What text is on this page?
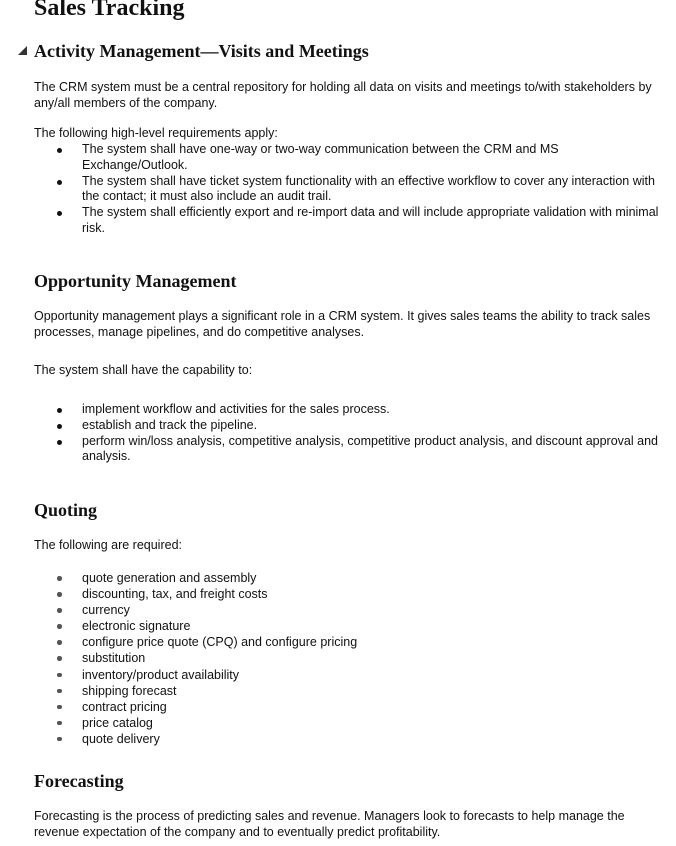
Sales Tracking
Activity Management—Visits and Meetings

The CRM system must be a central repository for holding all data on visits and meetings to/with stakeholders by any/all members of the company.

The following high-level requirements apply:

The system shall have one-way or two-way communication between the CRM and MS Exchange/Outlook.
The system shall have ticket system functionality with an effective workflow to cover any interaction with the contact; it must also include an audit trail.
The system shall efficiently export and re-import data and will include appropriate validation with minimal risk.
Opportunity Management

Opportunity management plays a significant role in a CRM system. It gives sales teams the ability to track sales processes, manage pipelines, and do competitive analyses.

The system shall have the capability to:

implement workflow and activities for the sales process.
establish and track the pipeline.
perform win/loss analysis, competitive analysis, competitive product analysis, and discount approval and analysis.
Quoting

The following are required:

quote generation and assembly
discounting, tax, and freight costs
currency
electronic signature
configure price quote (CPQ) and configure pricing
substitution
inventory/product availability
shipping forecast
contract pricing
price catalog
quote delivery
Forecasting

Forecasting is the process of predicting sales and revenue. Managers look to forecasts to help manage the revenue expectation of the company and to eventually predict profitability.
